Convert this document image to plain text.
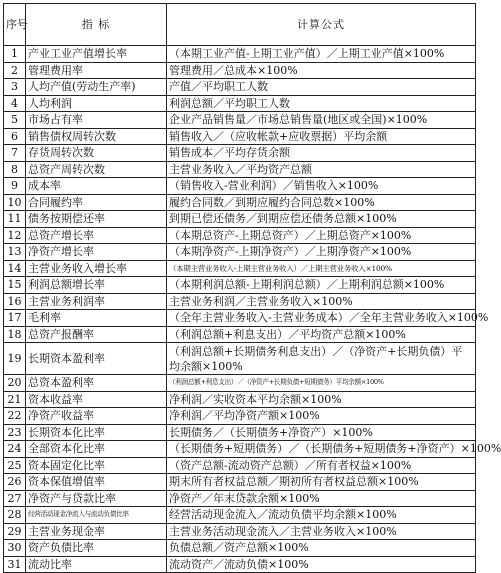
序号	指 标	计算公式
1	产业工业产值增长率	（本期工业产值-上期工业产值）／上期工业产值×100%
2	管理费用率	管理费用／总成本×100%
3	人均产值(劳动生产率)	产值／平均职工人数
4	人均利润	利润总额／平均职工人数
5	市场占有率	企业产品销售量／市场总销售量(地区或全国)×100%
6	销售债权周转次数	销售收入／（应收帐款+应收票据）平均余额
7	存货周转次数	销售成本／平均存货余额
8	总资产周转次数	主营业务收入／平均资产总额
9	成本率	（销售收入-营业利润）／销售收入×100%
10	合同履约率	履约合同数／到期应履约合同总数×100%
11	债务按期偿还率	到期已偿还债务／到期应偿还债务总额×100%
12	总资产增长率	（本期总资产-上期总资产）／上期总资产×100%
13	净资产增长率	（本期净资产-上期净资产）／上期净资产×100%
14	主营业务收入增长率	（本期主营业务收入-上期主营业务收入）／上期主营业务收入×100%
15	利润总额增长率	（本期利润总额-上期利润总额）／上期利润总额×100%
16	主营业务利润率	主营业务利润／主营业务收入×100%
17	毛利率	（全年主营业务收入-主营业务成本）／全年主营业务收入×100%
18	总资产报酬率	（利润总额+利息支出）／平均资产总额×100%
19	长期资本盈利率	（利润总额+长期债务利息支出）／（净资产+长期负债）平均余额×100%
20	总资本盈利率	（利润总额+利息支出）／（净资产+长期负债+短期债务）平均余额×100%
21	资本收益率	净利润／实收资本平均余额×100%
22	净资产收益率	净利润／平均净资产额×100%
23	长期资本化比率	长期债务／（长期债务+净资产）×100%
24	全部资本化比率	（长期债务+短期债务）／（长期债务+短期债务+净资产）×100%
25	资本固定化比率	（资产总额-流动资产总额）／所有者权益×100%
26	资本保值增值率	期末所有者权益总额／期初所有者权益总额×100%
27	净资产与贷款比率	净资产／年末贷款余额×100%
28	经营活动现金净流入与流动负债比率	经营活动现金流入／流动负债平均余额×100%
29	主营业务现金率	主营业务活动现金流入／主营业务收入×100%
30	资产负债比率	负债总额／资产总额×100%
31	流动比率	流动资产／流动负债×100%
